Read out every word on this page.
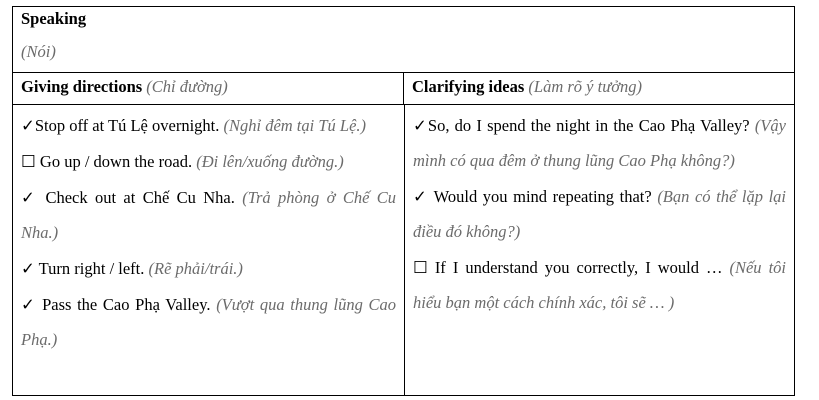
Speaking
(Nói)
Giving directions (Chỉ đường)	Clarifying ideas (Làm rõ ý tưởng)

✓Stop off at Tú Lệ overnight. (Nghỉ đêm tại Tú Lệ.)

☐ Go up / down the road. (Đi lên/xuống đường.)

✓ Check out at Chế Cu Nha. (Trả phòng ở Chế Cu Nha.)

✓ Turn right / left. (Rẽ phải/trái.)

✓ Pass the Cao Phạ Valley. (Vượt qua thung lũng Cao Phạ.)

✓So, do I spend the night in the Cao Phạ Valley? (Vậy mình có qua đêm ở thung lũng Cao Phạ không?)

✓ Would you mind repeating that? (Bạn có thể lặp lại điều đó không?)

☐ If I understand you correctly, I would … (Nếu tôi hiểu bạn một cách chính xác, tôi sẽ … )
